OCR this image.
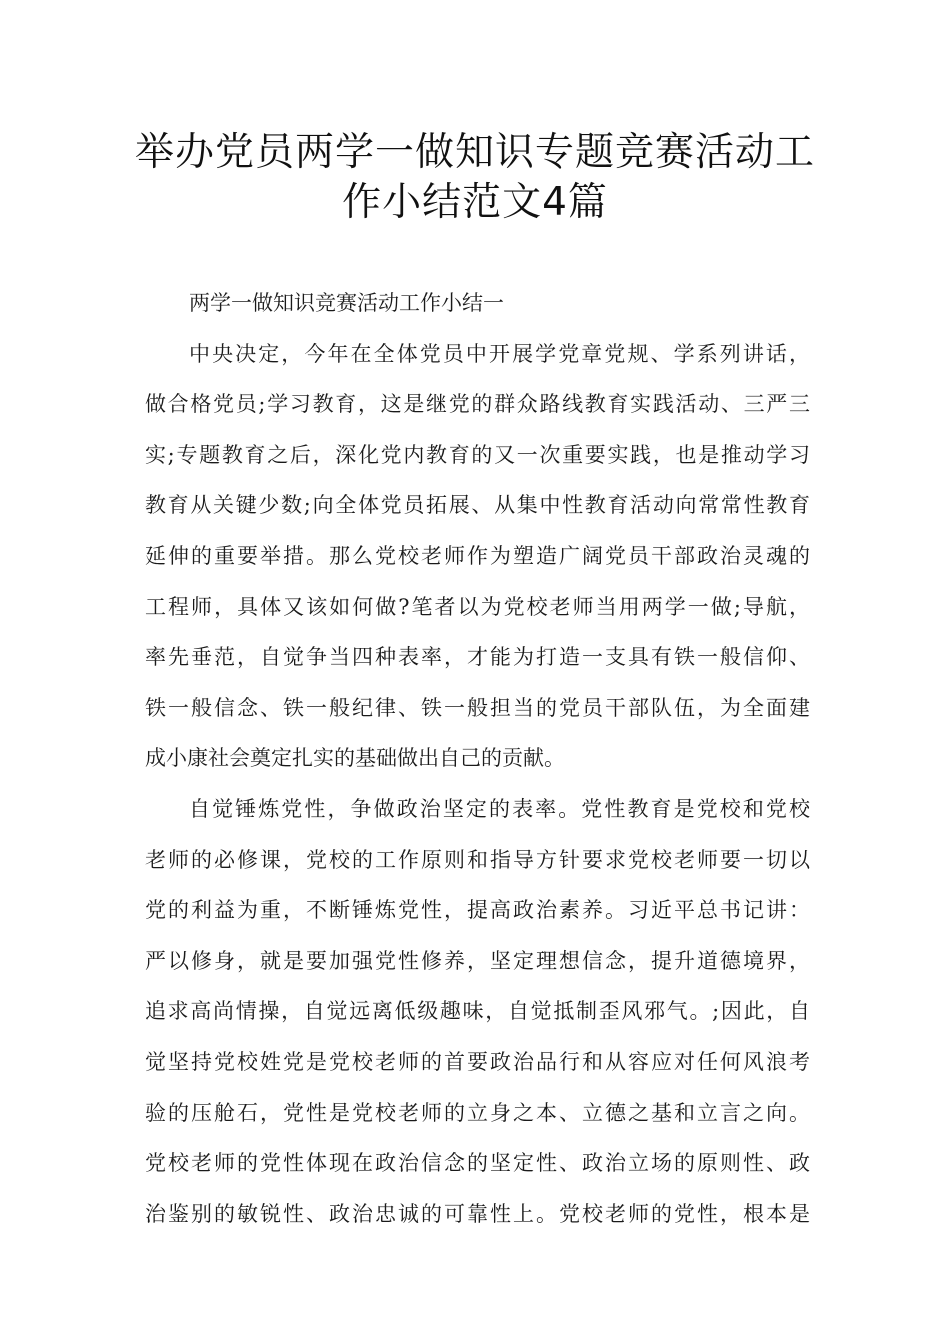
举办党员两学一做知识专题竞赛活动工
作小结范文4篇
两学一做知识竞赛活动工作小结一
中央决定，今年在全体党员中开展学党章党规、学系列讲话，
做合格党员;学习教育，这是继党的群众路线教育实践活动、三严三
实;专题教育之后，深化党内教育的又一次重要实践，也是推动学习
教育从关键少数;向全体党员拓展、从集中性教育活动向常常性教育
延伸的重要举措。那么党校老师作为塑造广阔党员干部政治灵魂的
工程师，具体又该如何做?笔者以为党校老师当用两学一做;导航，
率先垂范，自觉争当四种表率，才能为打造一支具有铁一般信仰、
铁一般信念、铁一般纪律、铁一般担当的党员干部队伍，为全面建
成小康社会奠定扎实的基础做出自己的贡献。
自觉锤炼党性，争做政治坚定的表率。党性教育是党校和党校
老师的必修课，党校的工作原则和指导方针要求党校老师要一切以
党的利益为重，不断锤炼党性，提高政治素养。习近平总书记讲：
严以修身，就是要加强党性修养，坚定理想信念，提升道德境界，
追求高尚情操，自觉远离低级趣味，自觉抵制歪风邪气。;因此，自
觉坚持党校姓党是党校老师的首要政治品行和从容应对任何风浪考
验的压舱石，党性是党校老师的立身之本、立德之基和立言之向。
党校老师的党性体现在政治信念的坚定性、政治立场的原则性、政
治鉴别的敏锐性、政治忠诚的可靠性上。党校老师的党性，根本是
